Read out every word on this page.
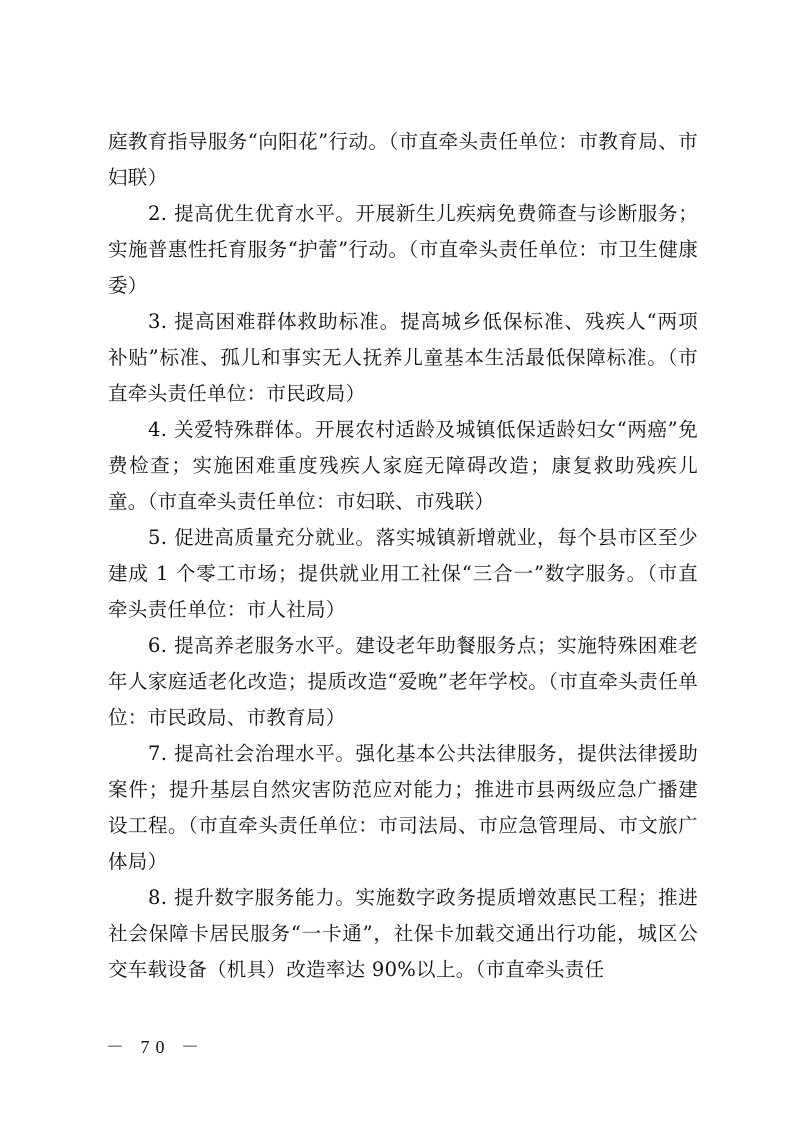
庭教育指导服务“向阳花”行动。（市直牵头责任单位：市教育局、市妇联）

2. 提高优生优育水平。开展新生儿疾病免费筛查与诊断服务；实施普惠性托育服务“护蕾”行动。（市直牵头责任单位：市卫生健康委）

3. 提高困难群体救助标准。提高城乡低保标准、残疾人“两项补贴”标准、孤儿和事实无人抚养儿童基本生活最低保障标准。（市直牵头责任单位：市民政局）

4. 关爱特殊群体。开展农村适龄及城镇低保适龄妇女“两癌”免费检查；实施困难重度残疾人家庭无障碍改造；康复救助残疾儿童。（市直牵头责任单位：市妇联、市残联）

5. 促进高质量充分就业。落实城镇新增就业，每个县市区至少建成 1 个零工市场；提供就业用工社保“三合一”数字服务。（市直牵头责任单位：市人社局）

6. 提高养老服务水平。建设老年助餐服务点；实施特殊困难老年人家庭适老化改造；提质改造“爱晚”老年学校。（市直牵头责任单位：市民政局、市教育局）

7. 提高社会治理水平。强化基本公共法律服务，提供法律援助案件；提升基层自然灾害防范应对能力；推进市县两级应急广播建设工程。（市直牵头责任单位：市司法局、市应急管理局、市文旅广体局）

8. 提升数字服务能力。实施数字政务提质增效惠民工程；推进社会保障卡居民服务“一卡通”，社保卡加载交通出行功能，城区公交车载设备（机具）改造率达 90%以上。（市直牵头责任

－ 70 －
